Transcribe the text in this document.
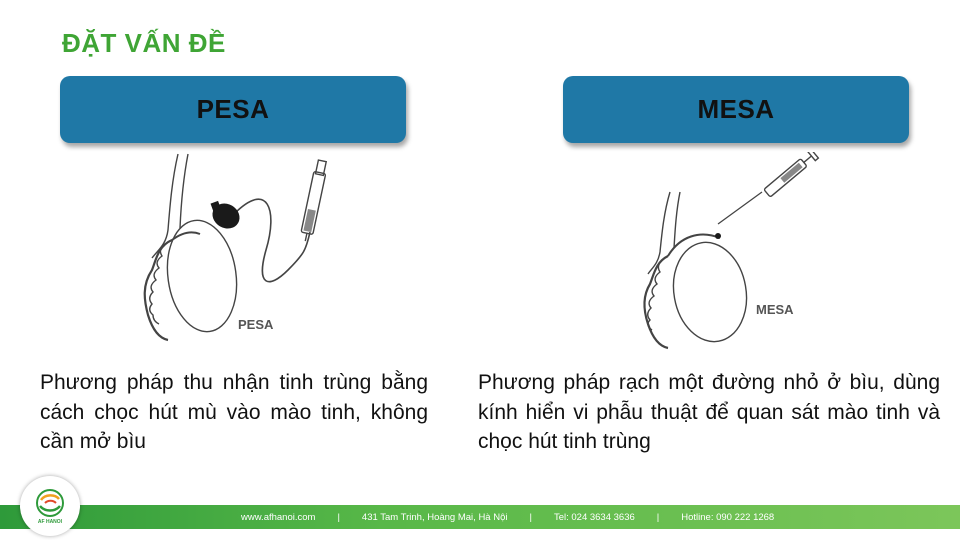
ĐẶT VẤN ĐỀ
PESA	MESA
PESA
MESA
Phương pháp thu nhận tinh trùng bằng cách chọc hút mù vào mào tinh, không cần mở bìu
Phương pháp rạch một đường nhỏ ở bìu, dùng kính hiển vi phẫu thuật để quan sát mào tinh và chọc hút tinh trùng
www.afhanoi.com | 431 Tam Trinh, Hoàng Mai, Hà Nội | Tel: 024 3634 3636 | Hotline: 090 222 1268
AF HANOI
